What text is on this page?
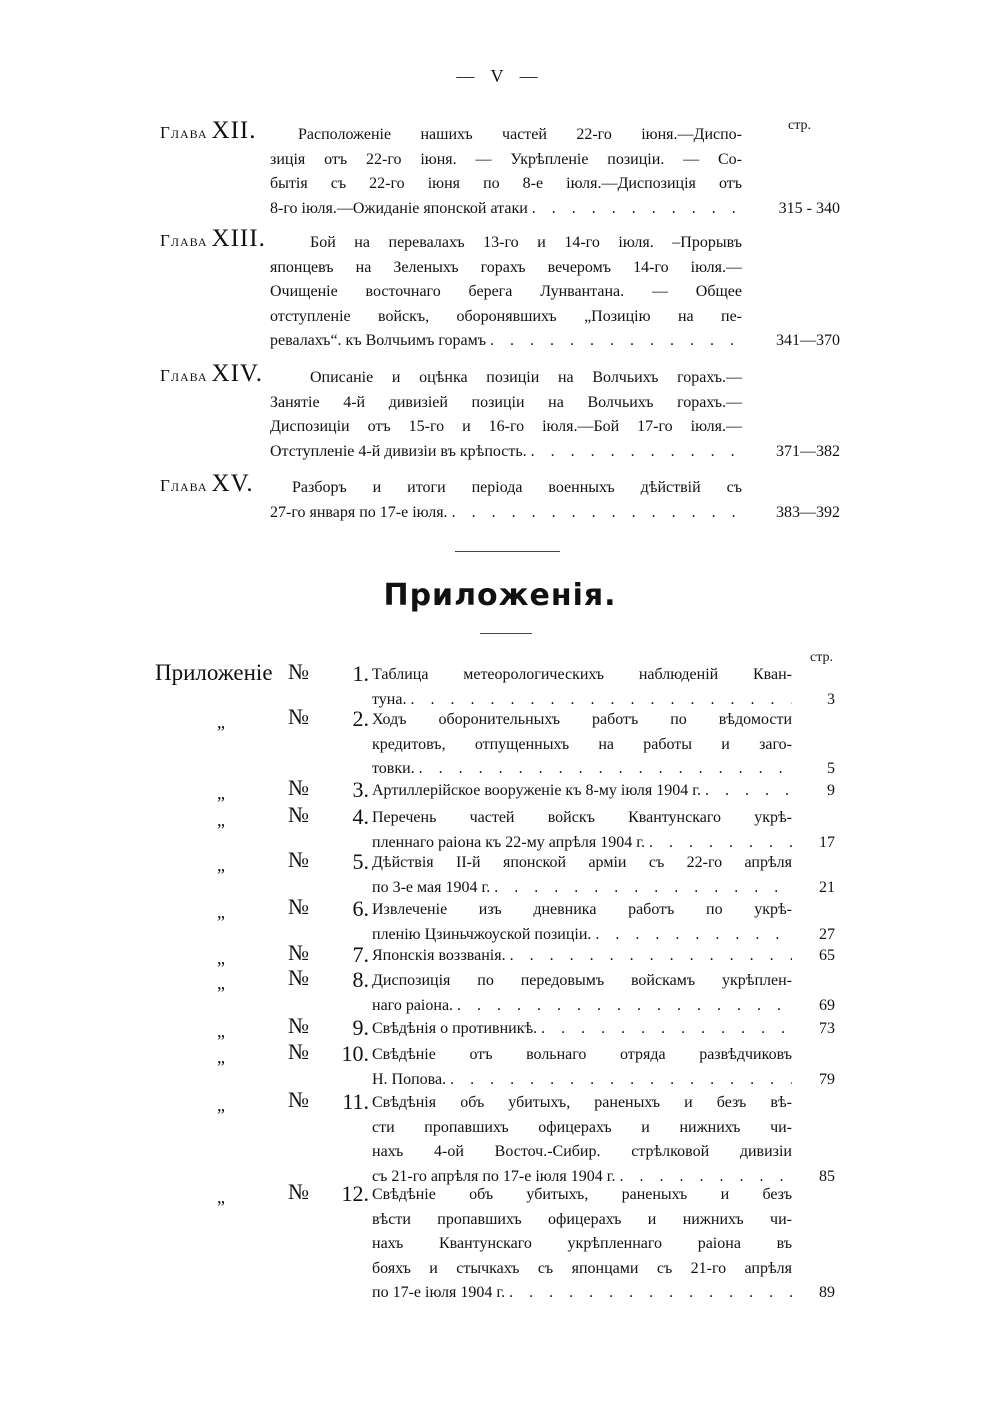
— V —
стр.
Глава XII.	Расположеніе нашихъ частей 22-го іюня.—Диспо-
зиція отъ 22-го іюня. — Укрѣпленіе позиціи. — Со-
бытія съ 22-го іюня по 8-е іюля.—Диспозиція отъ
8-го іюля.—Ожиданіе японской атаки . . .	315 - 340
Глава XIII.	Бой на перевалахъ 13-го и 14-го іюля. –Прорывъ
японцевъ на Зеленыхъ горахъ вечеромъ 14-го іюля.—
Очищеніе восточнаго берега Лунвантана. — Общее
отступленіе войскъ, оборонявшихъ „Позицію на пе-
ревалахъ“. къ Волчьимъ горамъ . . .	341—370
Глава XIV.	Описаніе и оцѣнка позиціи на Волчьихъ горахъ.—
Занятіе 4-й дивизіей позиціи на Волчьихъ горахъ.—
Диспозиціи отъ 15-го и 16-го іюля.—Бой 17-го іюля.—
Отступленіе 4-й дивизіи въ крѣпость. . . .	371—382
Глава XV. Разборъ и итоги періода военныхъ дѣйствій съ
27-го января по 17-е іюля. . . .	383—392
Приложенія.
стр.
Приложеніе №	1. Таблица метеорологическихъ наблюденій Кван-
туна. . . .	3
„	№	2. Ходъ оборонительныхъ работъ по вѣдомости
кредитовъ, отпущенныхъ на работы и заго-
товки. . . .	5
„	№	3. Артиллерійское вооруженіе къ 8-му іюля 1904 г. . . .	9
„	№	4. Перечень частей войскъ Квантунскаго укрѣ-
пленнаго раіона къ 22-му апрѣля 1904 г. . . .	17
„	№	5. Дѣйствія II-й японской арміи съ 22-го апрѣля
по 3-е мая 1904 г. . . .	21
„	№	6. Извлеченіе изъ дневника работъ по укрѣ-
пленію Цзиньчжоуской позиціи. . . .	27
„	№	7. Японскія воззванія. . . .	65
„	№	8. Диспозиція по передовымъ войскамъ укрѣплен-
наго раіона. . . .	69
„	№	9. Свѣдѣнія о противникѣ. . . .	73
„	№ 10. Свѣдѣніе отъ вольнаго отряда развѣдчиковъ
Н. Попова. . . .	79
„	№ 11. Свѣдѣнія объ убитыхъ, раненыхъ и безъ вѣ-
сти пропавшихъ офицерахъ и нижнихъ чи-
нахъ 4-ой Восточ.-Сибир. стрѣлковой дивизіи
съ 21-го апрѣля по 17-е іюля 1904 г. . . .	85
„	№ 12. Свѣдѣніе объ убитыхъ, раненыхъ и безъ
вѣсти пропавшихъ офицерахъ и нижнихъ чи-
нахъ Квантунскаго укрѣпленнаго раіона въ
бояхъ и стычкахъ съ японцами съ 21-го апрѣля
по 17-е іюля 1904 г. . . .	89
